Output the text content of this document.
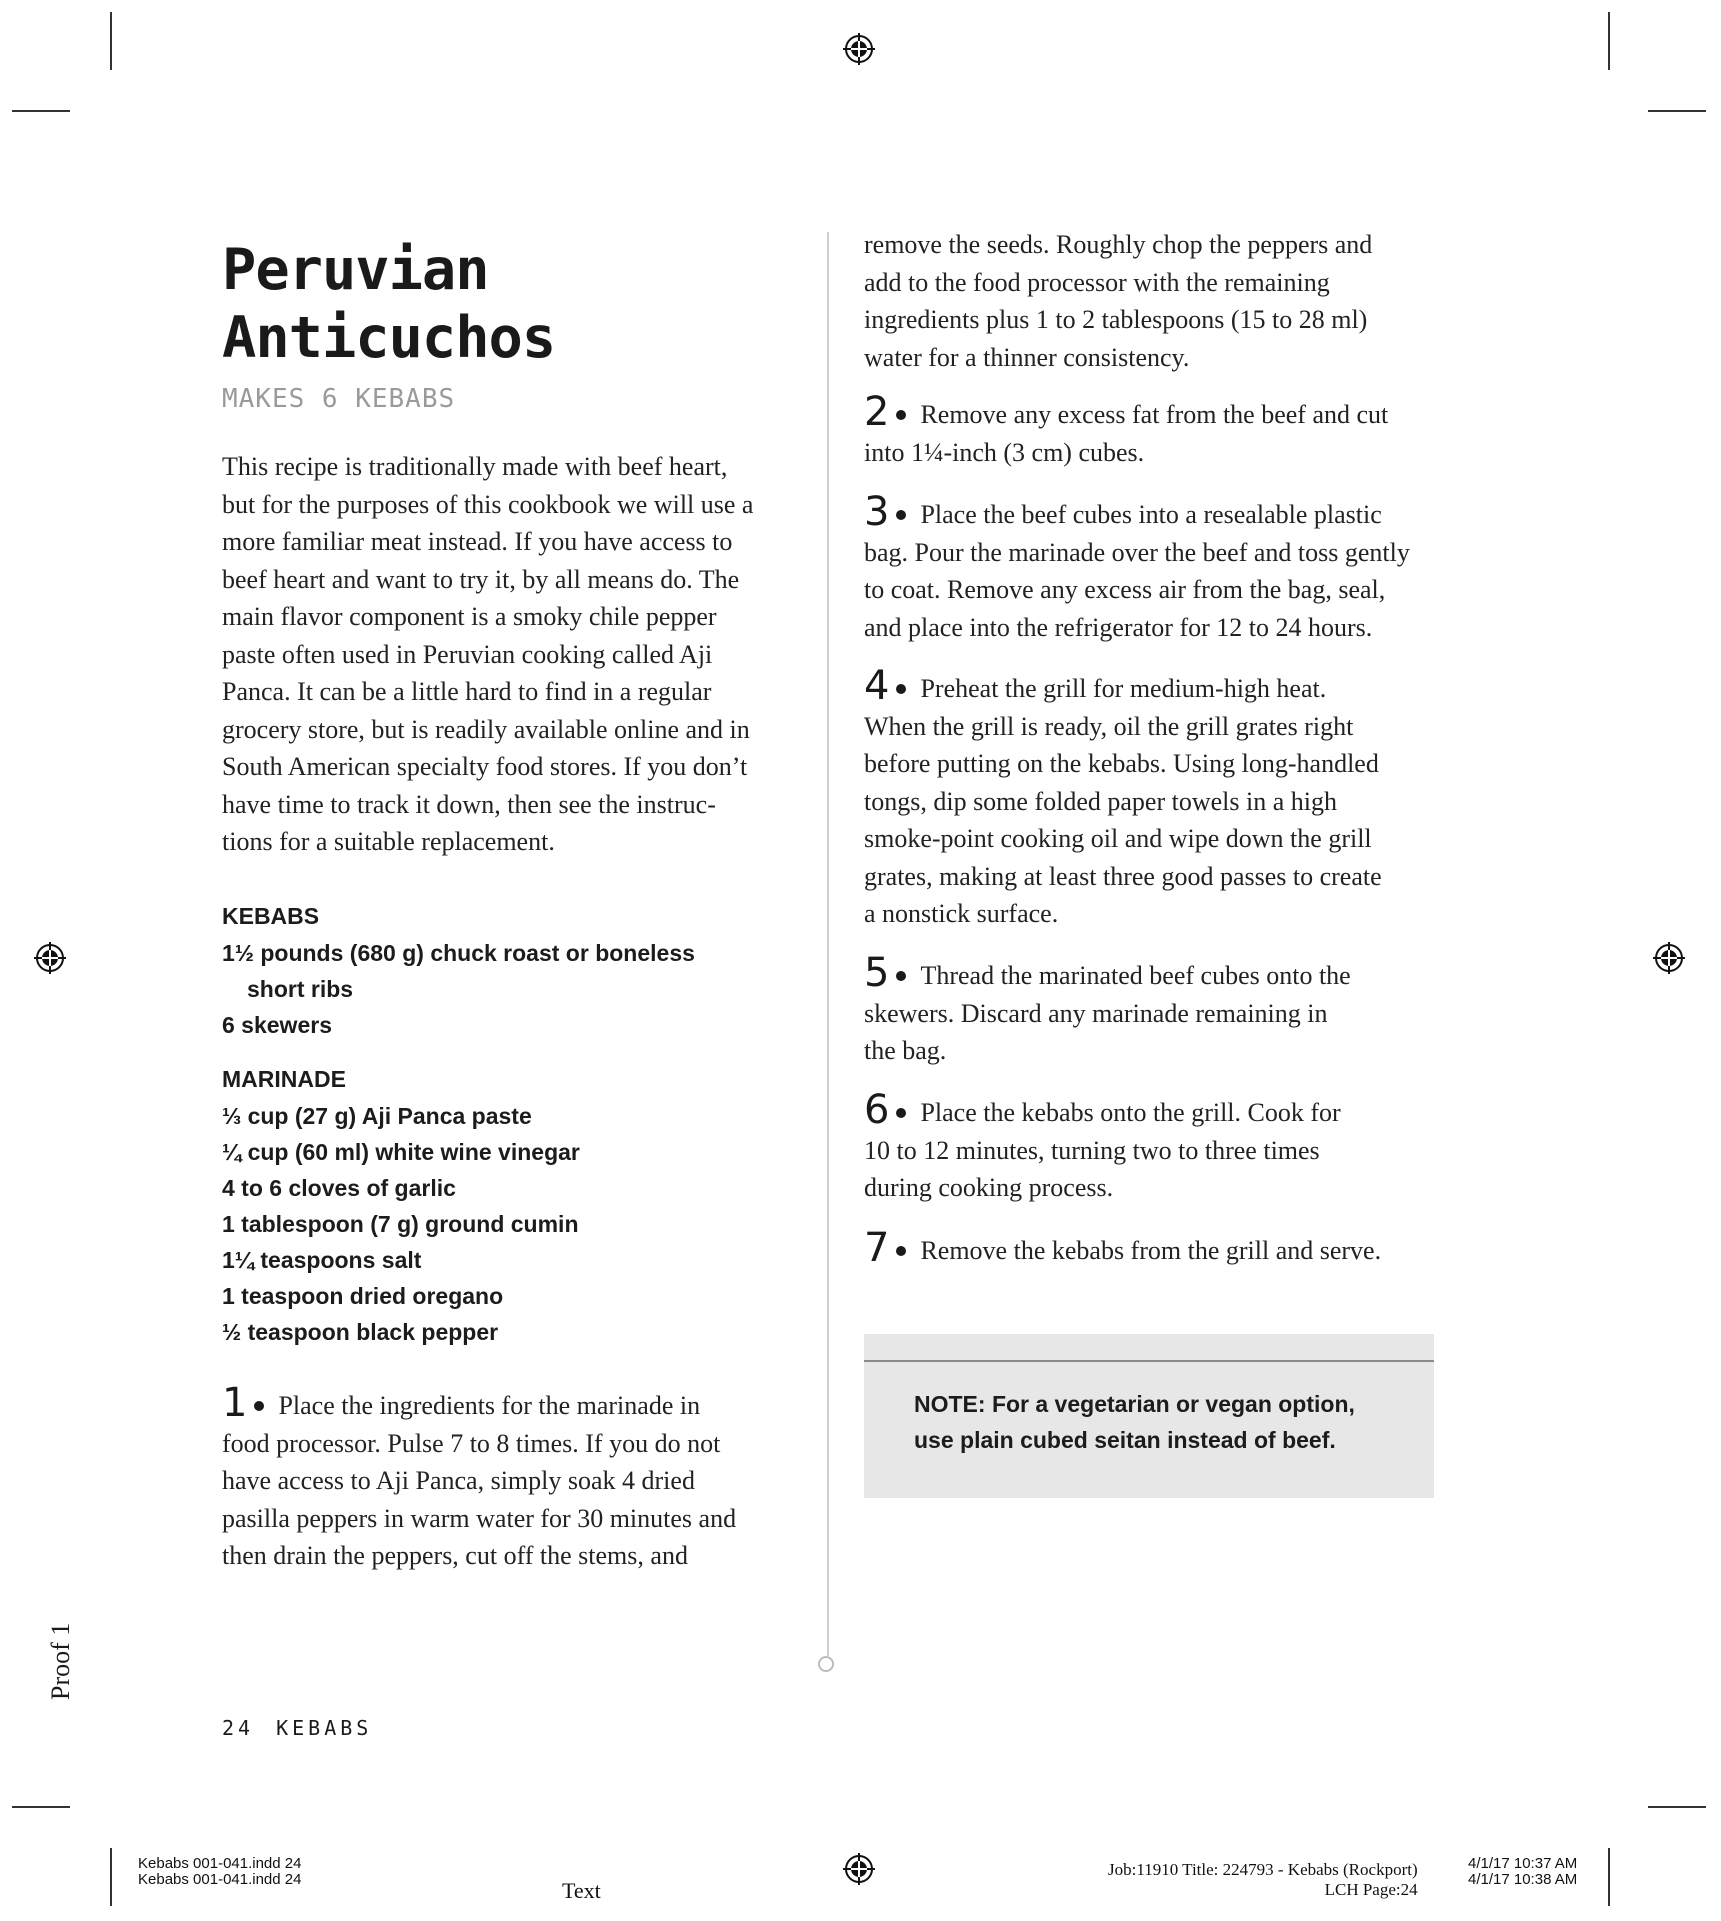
Peruvian
Anticuchos
MAKES 6 KEBABS
This recipe is traditionally made with beef heart,
but for the purposes of this cookbook we will use a
more familiar meat instead. If you have access to
beef heart and want to try it, by all means do. The
main flavor component is a smoky chile pepper
paste often used in Peruvian cooking called Aji
Panca. It can be a little hard to find in a regular
grocery store, but is readily available online and in
South American specialty food stores. If you don’t
have time to track it down, then see the instruc-
tions for a suitable replacement.
KEBABS
1½ pounds (680 g) chuck roast or boneless
short ribs
6 skewers
MARINADE
⅓ cup (27 g) Aji Panca paste
¼ cup (60 ml) white wine vinegar
4 to 6 cloves of garlic
1 tablespoon (7 g) ground cumin
1¼ teaspoons salt
1 teaspoon dried oregano
½ teaspoon black pepper
1 Place the ingredients for the marinade in
food processor. Pulse 7 to 8 times. If you do not
have access to Aji Panca, simply soak 4 dried
pasilla peppers in warm water for 30 minutes and
then drain the peppers, cut off the stems, and
remove the seeds. Roughly chop the peppers and
add to the food processor with the remaining
ingredients plus 1 to 2 tablespoons (15 to 28 ml)
water for a thinner consistency.
2 Remove any excess fat from the beef and cut
into 1¼-inch (3 cm) cubes.
3 Place the beef cubes into a resealable plastic
bag. Pour the marinade over the beef and toss gently
to coat. Remove any excess air from the bag, seal,
and place into the refrigerator for 12 to 24 hours.
4 Preheat the grill for medium-high heat.
When the grill is ready, oil the grill grates right
before putting on the kebabs. Using long-handled
tongs, dip some folded paper towels in a high
smoke-point cooking oil and wipe down the grill
grates, making at least three good passes to create
a nonstick surface.
5 Thread the marinated beef cubes onto the
skewers. Discard any marinade remaining in
the bag.
6 Place the kebabs onto the grill. Cook for
10 to 12 minutes, turning two to three times
during cooking process.
7 Remove the kebabs from the grill and serve.
NOTE: For a vegetarian or vegan option,
use plain cubed seitan instead of beef.
24 KEBABS
Proof 1
Kebabs 001-041.indd 24
Kebabs 001-041.indd 24	Text
Job:11910 Title: 224793 - Kebabs (Rockport)
LCH Page:24
4/1/17 10:37 AM
4/1/17 10:38 AM
